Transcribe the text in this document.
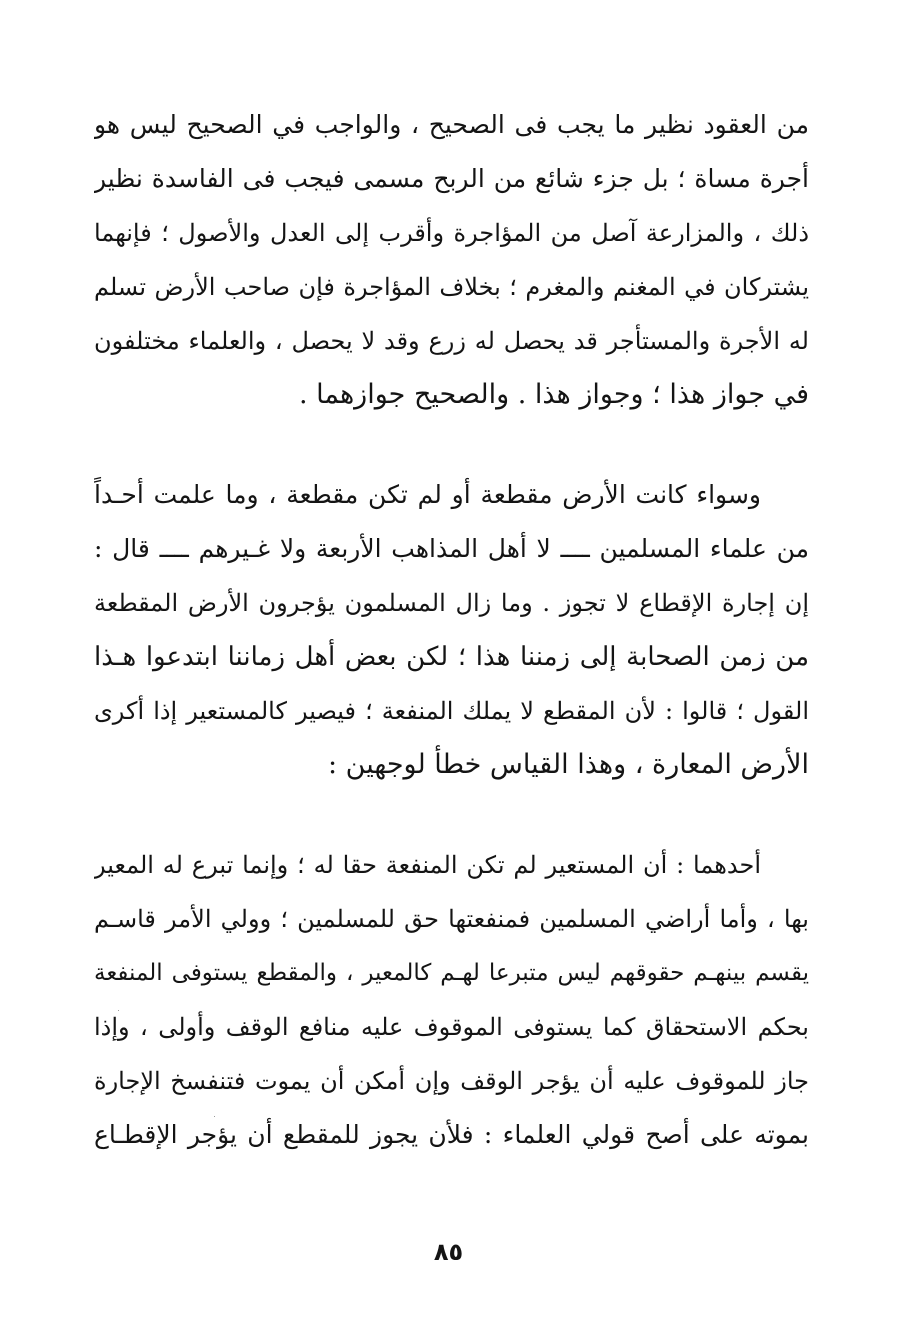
من العقود نظير ما يجب فى الصحيح ، والواجب في الصحيح ليس هو
أجرة مساة ؛ بل جزء شائع من الربح مسمى فيجب فى الفاسدة نظير
ذلك ، والمزارعة آصل من المؤاجرة وأقرب إلى العدل والأصول ؛ فإنهما
يشتركان في المغنم والمغرم ؛ بخلاف المؤاجرة فإن صاحب الأرض تسلم
له الأجرة والمستأجر قد يحصل له زرع وقد لا يحصل ، والعلماء مختلفون
في جواز هذا ؛ وجواز هذا . والصحيح جوازهما .
وسواء كانت الأرض مقطعة أو لم تكن مقطعة ، وما علمت أحـداً
من علماء المسلمين ــــ لا أهل المذاهب الأربعة ولا غـيرهم ــــ قال :
إن إجارة الإقطاع لا تجوز . وما زال المسلمون يؤجرون الأرض المقطعة
من زمن الصحابة إلى زمننا هذا ؛ لكن بعض أهل زماننا ابتدعوا هـذا
القول ؛ قالوا : لأن المقطع لا يملك المنفعة ؛ فيصير كالمستعير إذا أكرى
الأرض المعارة ، وهذا القياس خطأ لوجهين :
أحدهما : أن المستعير لم تكن المنفعة حقا له ؛ وإنما تبرع له المعير
بها ، وأما أراضي المسلمين فمنفعتها حق للمسلمين ؛ وولي الأمر قاسـم
يقسم بينهـم حقوقهم ليس متبرعا لهـم كالمعير ، والمقطع يستوفى المنفعة
بحكم الاستحقاق كما يستوفى الموقوف عليه منافع الوقف وأولى ، وإذا
جاز للموقوف عليه أن يؤجر الوقف وإن أمكن أن يموت فتنفسخ الإجارة
بموته على أصح قولي العلماء : فلأن يجوز للمقطع أن يؤجر الإقطـاع
٨٥
